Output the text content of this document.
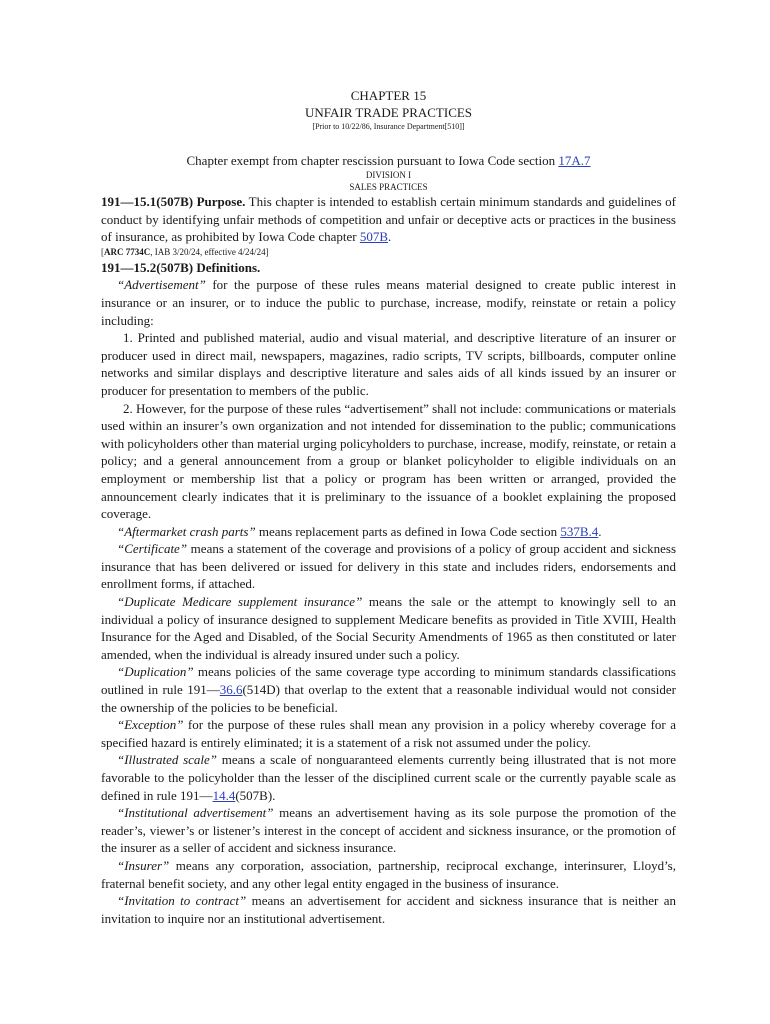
CHAPTER 15
UNFAIR TRADE PRACTICES
[Prior to 10/22/86, Insurance Department[510]]
Chapter exempt from chapter rescission pursuant to Iowa Code section 17A.7
DIVISION I
SALES PRACTICES

191—15.1(507B) Purpose. This chapter is intended to establish certain minimum standards and guidelines of conduct by identifying unfair methods of competition and unfair or deceptive acts or practices in the business of insurance, as prohibited by Iowa Code chapter 507B.

[ARC 7734C, IAB 3/20/24, effective 4/24/24]

191—15.2(507B) Definitions.

“Advertisement” for the purpose of these rules means material designed to create public interest in insurance or an insurer, or to induce the public to purchase, increase, modify, reinstate or retain a policy including:

1. Printed and published material, audio and visual material, and descriptive literature of an insurer or producer used in direct mail, newspapers, magazines, radio scripts, TV scripts, billboards, computer online networks and similar displays and descriptive literature and sales aids of all kinds issued by an insurer or producer for presentation to members of the public.

2. However, for the purpose of these rules “advertisement” shall not include: communications or materials used within an insurer’s own organization and not intended for dissemination to the public; communications with policyholders other than material urging policyholders to purchase, increase, modify, reinstate, or retain a policy; and a general announcement from a group or blanket policyholder to eligible individuals on an employment or membership list that a policy or program has been written or arranged, provided the announcement clearly indicates that it is preliminary to the issuance of a booklet explaining the proposed coverage.

“Aftermarket crash parts” means replacement parts as defined in Iowa Code section 537B.4.

“Certificate” means a statement of the coverage and provisions of a policy of group accident and sickness insurance that has been delivered or issued for delivery in this state and includes riders, endorsements and enrollment forms, if attached.

“Duplicate Medicare supplement insurance” means the sale or the attempt to knowingly sell to an individual a policy of insurance designed to supplement Medicare benefits as provided in Title XVIII, Health Insurance for the Aged and Disabled, of the Social Security Amendments of 1965 as then constituted or later amended, when the individual is already insured under such a policy.

“Duplication” means policies of the same coverage type according to minimum standards classifications outlined in rule 191—36.6(514D) that overlap to the extent that a reasonable individual would not consider the ownership of the policies to be beneficial.

“Exception” for the purpose of these rules shall mean any provision in a policy whereby coverage for a specified hazard is entirely eliminated; it is a statement of a risk not assumed under the policy.

“Illustrated scale” means a scale of nonguaranteed elements currently being illustrated that is not more favorable to the policyholder than the lesser of the disciplined current scale or the currently payable scale as defined in rule 191—14.4(507B).

“Institutional advertisement” means an advertisement having as its sole purpose the promotion of the reader’s, viewer’s or listener’s interest in the concept of accident and sickness insurance, or the promotion of the insurer as a seller of accident and sickness insurance.

“Insurer” means any corporation, association, partnership, reciprocal exchange, interinsurer, Lloyd’s, fraternal benefit society, and any other legal entity engaged in the business of insurance.

“Invitation to contract” means an advertisement for accident and sickness insurance that is neither an invitation to inquire nor an institutional advertisement.
